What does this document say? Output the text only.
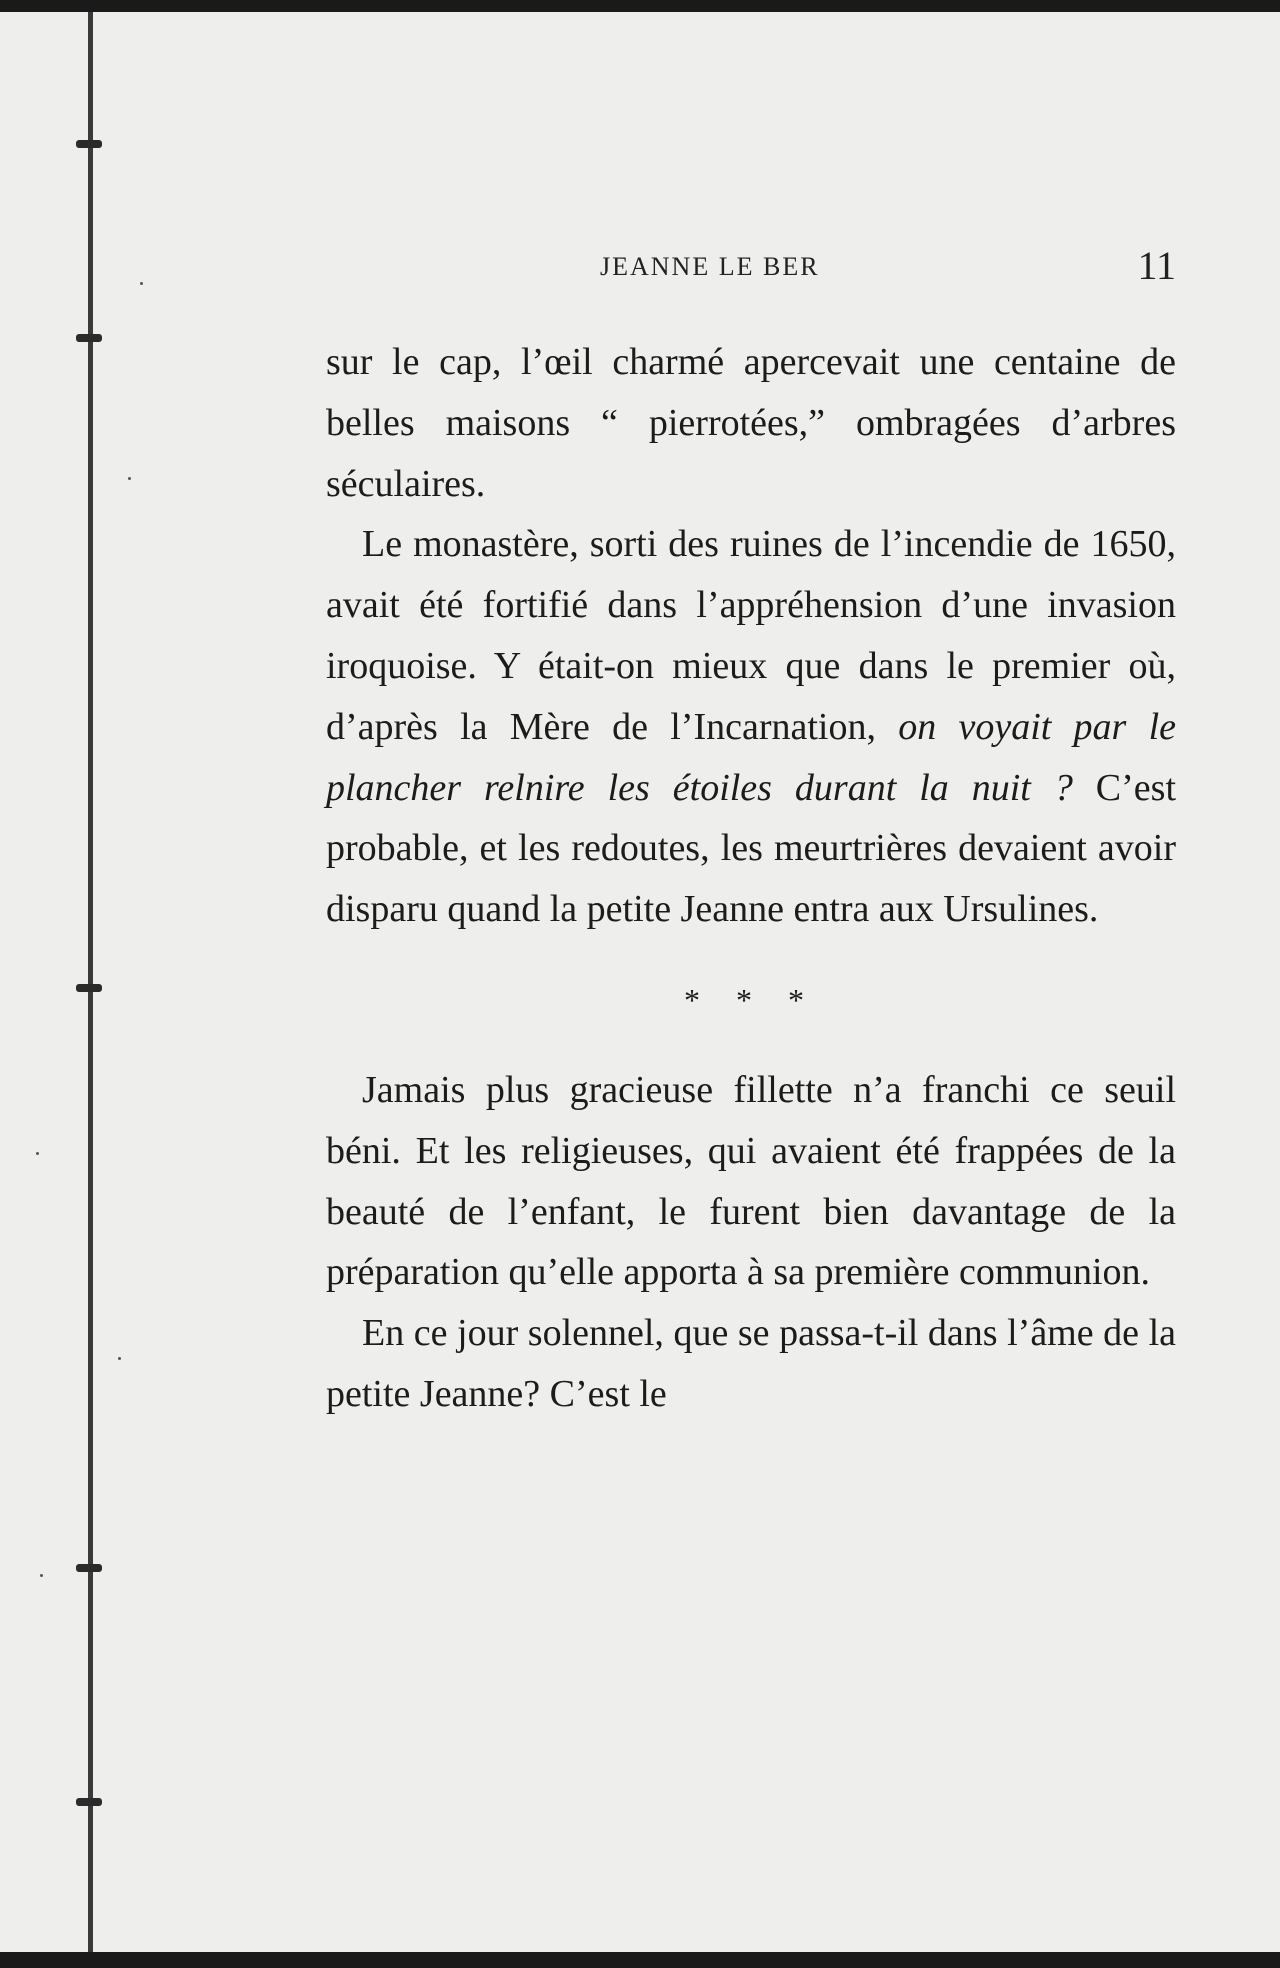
JEANNE LE BER	11

sur le cap, l’œil charmé apercevait une centaine de belles maisons “ pierrotées,” ombragées d’arbres séculaires.

Le monastère, sorti des ruines de l’incendie de 1650, avait été fortifié dans l’appréhension d’une invasion iroquoise. Y était-on mieux que dans le premier où, d’après la Mère de l’Incarnation, on voyait par le plancher relnire les étoiles durant la nuit ? C’est probable, et les redoutes, les meurtrières devaient avoir disparu quand la petite Jeanne entra aux Ursulines.

* * *

Jamais plus gracieuse fillette n’a franchi ce seuil béni. Et les religieuses, qui avaient été frappées de la beauté de l’enfant, le furent bien davantage de la préparation qu’elle apporta à sa première communion.

En ce jour solennel, que se passa-t-il dans l’âme de la petite Jeanne? C’est le
